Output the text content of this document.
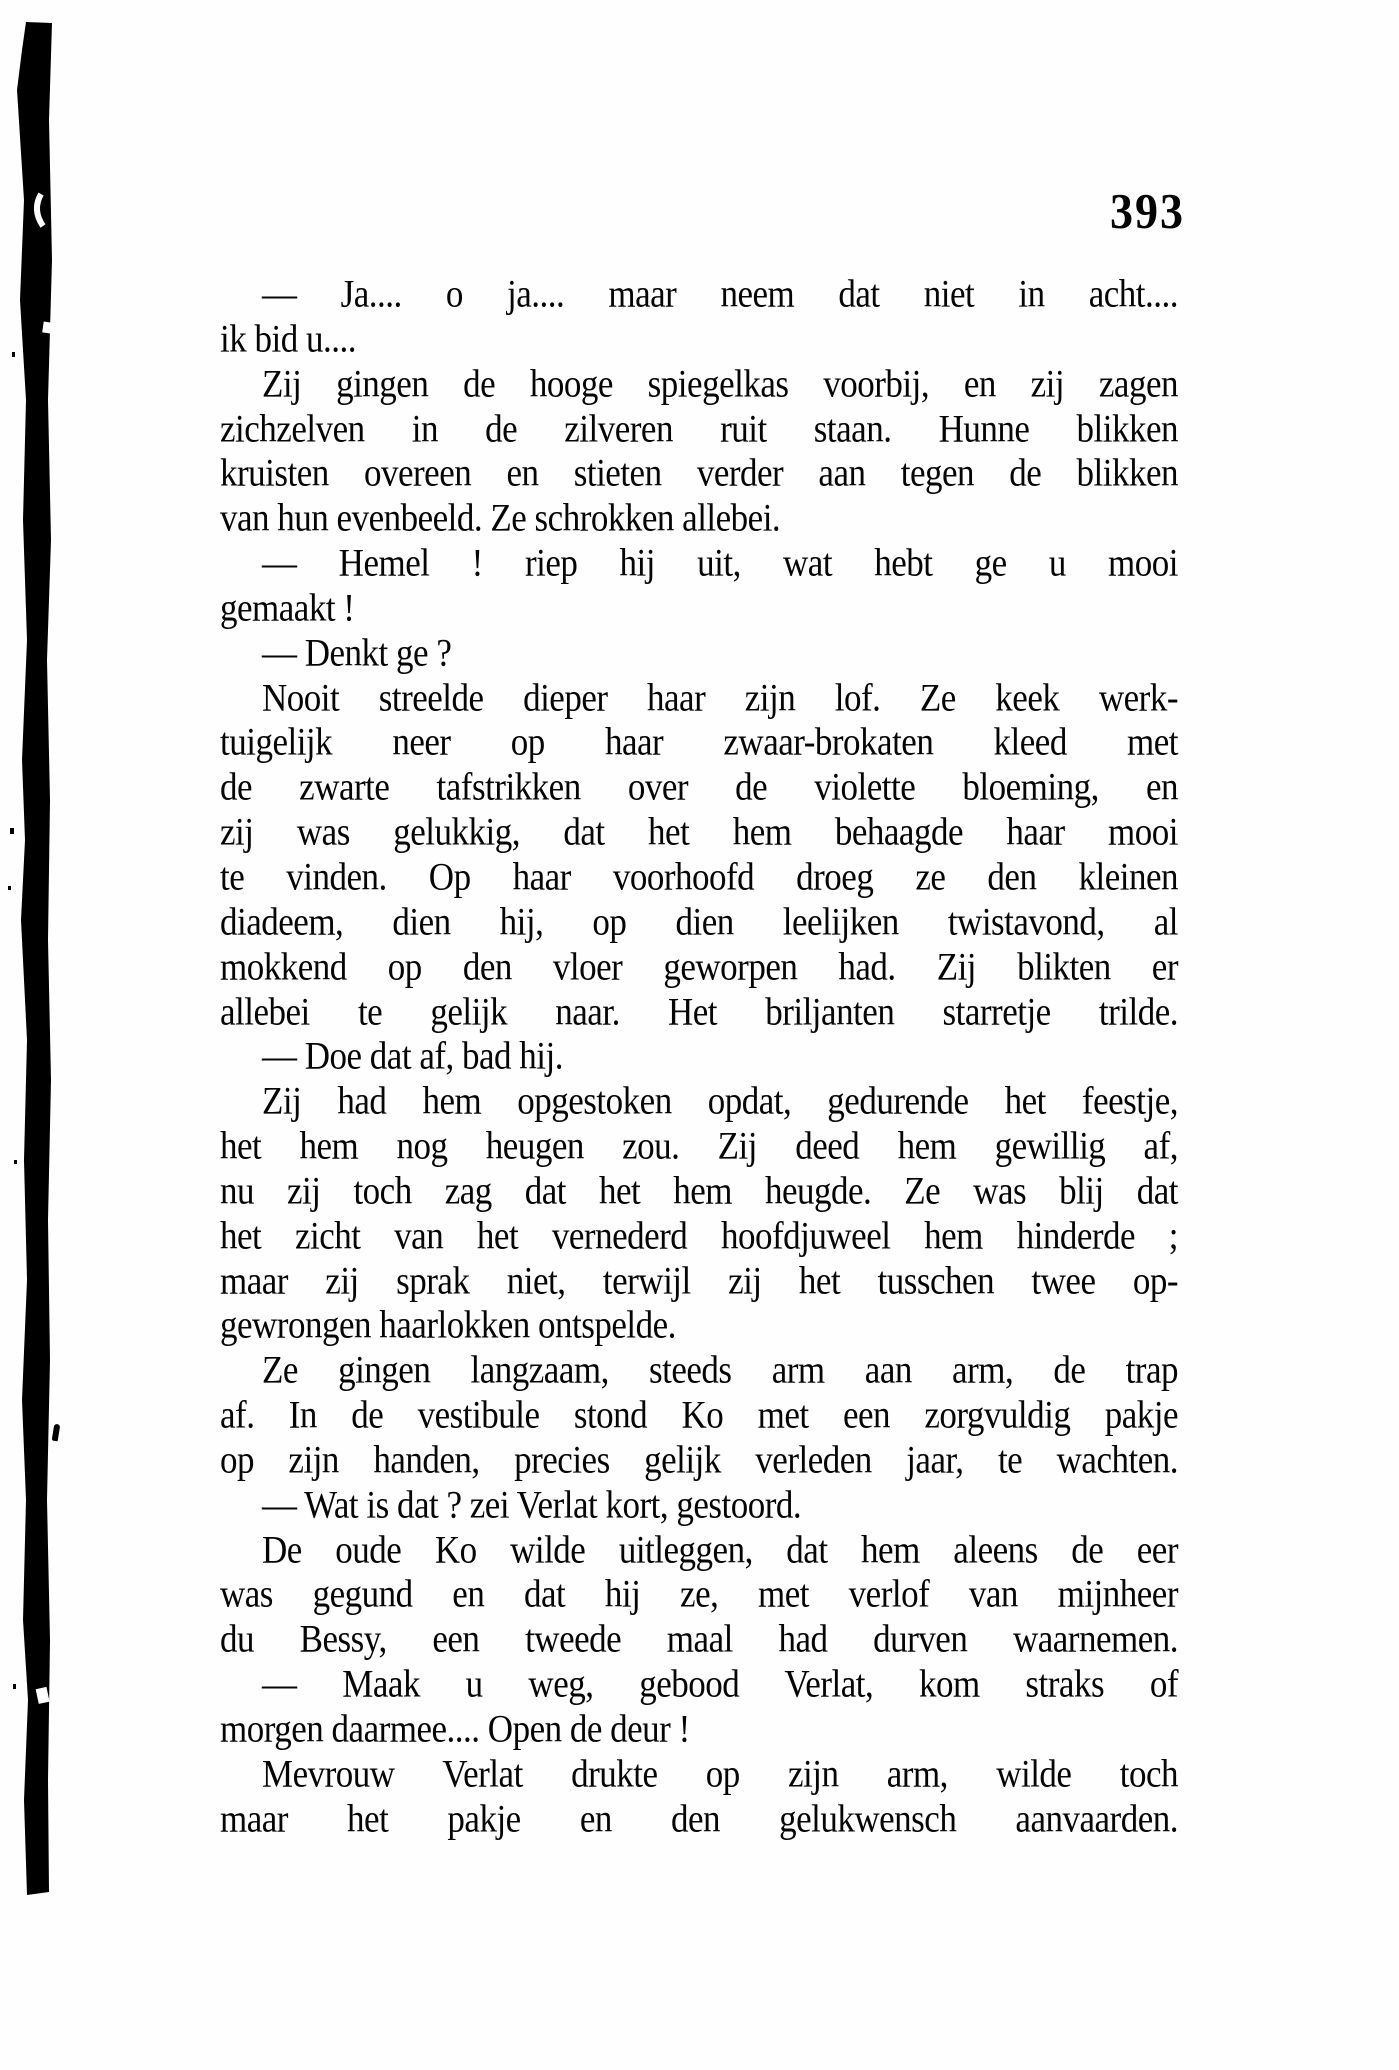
393
— Ja.... o ja.... maar neem dat niet in acht....
ik bid u....
Zij gingen de hooge spiegelkas voorbij, en zij zagen
zichzelven in de zilveren ruit staan. Hunne blikken
kruisten overeen en stieten verder aan tegen de blikken
van hun evenbeeld. Ze schrokken allebei.
— Hemel ! riep hij uit, wat hebt ge u mooi
gemaakt !
— Denkt ge ?
Nooit streelde dieper haar zijn lof. Ze keek werk-
tuigelijk neer op haar zwaar-brokaten kleed met
de zwarte tafstrikken over de violette bloeming, en
zij was gelukkig, dat het hem behaagde haar mooi
te vinden. Op haar voorhoofd droeg ze den kleinen
diadeem, dien hij, op dien leelijken twistavond, al
mokkend op den vloer geworpen had. Zij blikten er
allebei te gelijk naar. Het briljanten starretje trilde.
— Doe dat af, bad hij.
Zij had hem opgestoken opdat, gedurende het feestje,
het hem nog heugen zou. Zij deed hem gewillig af,
nu zij toch zag dat het hem heugde. Ze was blij dat
het zicht van het vernederd hoofdjuweel hem hinderde ;
maar zij sprak niet, terwijl zij het tusschen twee op-
gewrongen haarlokken ontspelde.
Ze gingen langzaam, steeds arm aan arm, de trap
af. In de vestibule stond Ko met een zorgvuldig pakje
op zijn handen, precies gelijk verleden jaar, te wachten.
— Wat is dat ? zei Verlat kort, gestoord.
De oude Ko wilde uitleggen, dat hem aleens de eer
was gegund en dat hij ze, met verlof van mijnheer
du Bessy, een tweede maal had durven waarnemen.
— Maak u weg, gebood Verlat, kom straks of
morgen daarmee.... Open de deur !
Mevrouw Verlat drukte op zijn arm, wilde toch
maar het pakje en den gelukwensch aanvaarden.
